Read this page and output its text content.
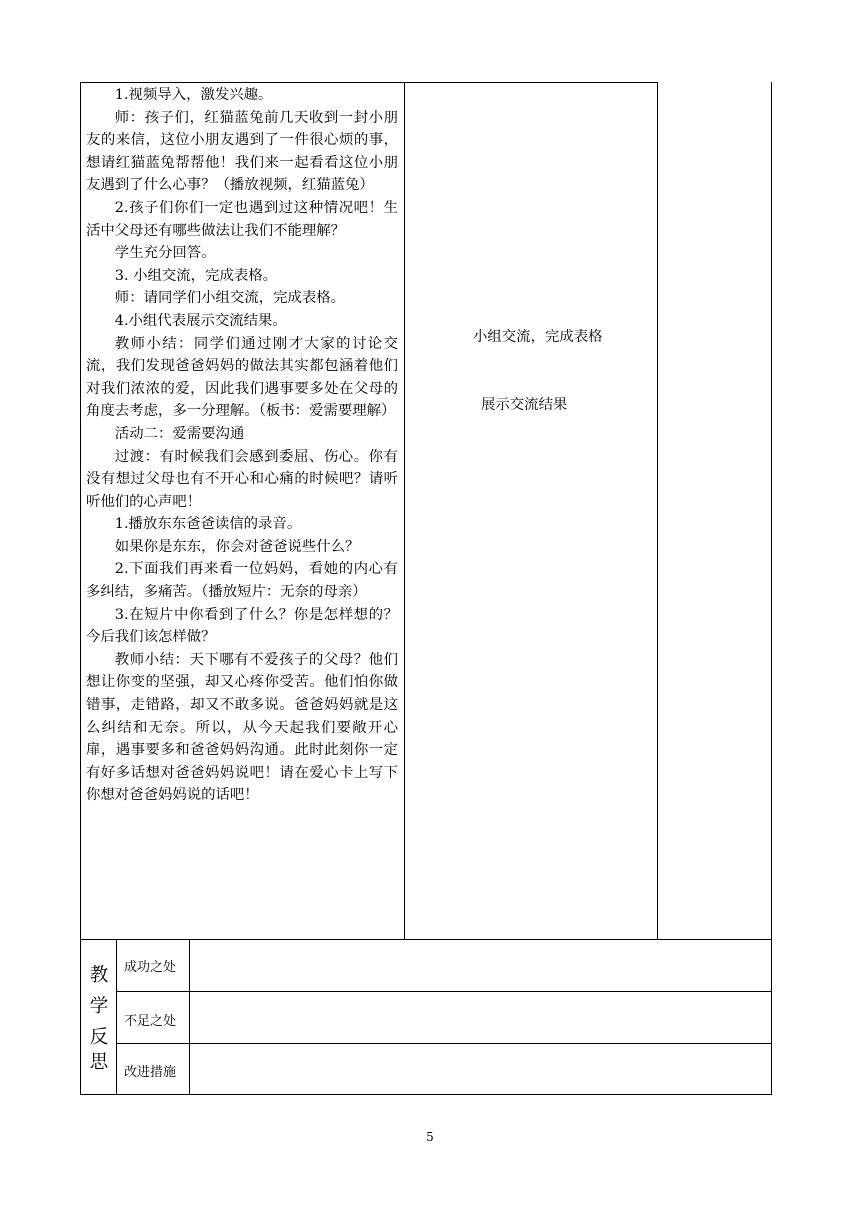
1.视频导入，激发兴趣。

师：孩子们，红猫蓝兔前几天收到一封小朋友的来信，这位小朋友遇到了一件很心烦的事，想请红猫蓝兔帮帮他！我们来一起看看这位小朋友遇到了什么心事？（播放视频，红猫蓝兔）

2.孩子们你们一定也遇到过这种情况吧！生活中父母还有哪些做法让我们不能理解？

学生充分回答。

3. 小组交流，完成表格。

师：请同学们小组交流，完成表格。

4.小组代表展示交流结果。

教师小结：同学们通过刚才大家的讨论交流，我们发现爸爸妈妈的做法其实都包涵着他们对我们浓浓的爱，因此我们遇事要多处在父母的角度去考虑，多一分理解。（板书：爱需要理解）

活动二：爱需要沟通

过渡：有时候我们会感到委屈、伤心。你有没有想过父母也有不开心和心痛的时候吧？请听听他们的心声吧！

1.播放东东爸爸读信的录音。

如果你是东东，你会对爸爸说些什么？

2.下面我们再来看一位妈妈，看她的内心有多纠结，多痛苦。（播放短片：无奈的母亲）

3.在短片中你看到了什么？你是怎样想的？今后我们该怎样做？

教师小结：天下哪有不爱孩子的父母？他们想让你变的坚强，却又心疼你受苦。他们怕你做错事，走错路，却又不敢多说。爸爸妈妈就是这么纠结和无奈。所以，从今天起我们要敞开心扉，遇事要多和爸爸妈妈沟通。此时此刻你一定有好多话想对爸爸妈妈说吧！请在爱心卡上写下你想对爸爸妈妈说的话吧！

小组交流，完成表格
展示交流结果
教
学
反
思
成功之处
不足之处
改进措施
5
